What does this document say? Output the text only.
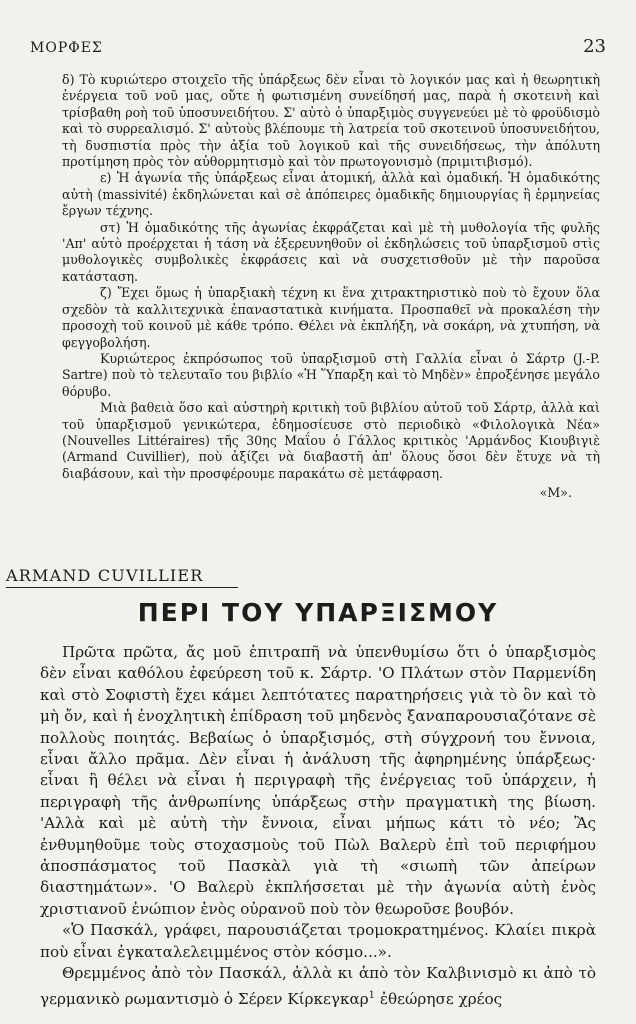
ΜΟΡΦΕΣ	23

δ) Τὸ κυριώτερο στοιχεῖο τῆς ὑπάρξεως δὲν εἶναι τὸ λογικόν μας καὶ ἡ θεωρητικὴ ἐνέργεια τοῦ νοῦ μας, οὔτε ἡ φωτισμένη συνείδησή μας, παρὰ ἡ σκοτεινὴ καὶ τρίσβαθη ροὴ τοῦ ὑποσυνειδήτου. Σ' αὐτὸ ὁ ὑπαρξιμὸς συγγενεύει μὲ τὸ φροϋδισμὸ καὶ τὸ συρρεαλισμό. Σ' αὐτοὺς βλέπουμε τὴ λατρεία τοῦ σκοτεινοῦ ὑποσυνειδήτου, τὴ δυσπιστία πρὸς τὴν ἀξία τοῦ λογικοῦ καὶ τῆς συνειδήσεως, τὴν ἀπόλυτη προτίμηση πρὸς τὸν αὐθορμητισμὸ καὶ τὸν πρωτογονισμὸ (πριμιτιβισμό).

ε) Ἡ ἀγωνία τῆς ὑπάρξεως εἶναι ἀτομική, ἀλλὰ καὶ ὁμαδική. Ἡ ὁμαδικότης αὐτὴ (massivité) ἐκδηλώνεται καὶ σὲ ἀπόπειρες ὁμαδικῆς δημιουργίας ἢ ἑρμηνείας ἔργων τέχνης.

στ) Ἡ ὁμαδικότης τῆς ἀγωνίας ἐκφράζεται καὶ μὲ τὴ μυθολογία τῆς φυλῆς 'Απ' αὐτὸ προέρχεται ἡ τάση νὰ ἐξερευνηθοῦν οἱ ἐκδηλώσεις τοῦ ὑπαρξισμοῦ στὶς μυθολογικὲς συμβολικὲς ἐκφράσεις καὶ νὰ συσχετισθοῦν μὲ τὴν παροῦσα κατάσταση.

ζ) Ἔχει ὅμως ἡ ὑπαρξιακὴ τέχνη κι ἕνα χιτρακτηριστικὸ ποὺ τὸ ἔχουν ὅλα σχεδὸν τὰ καλλιτεχνικὰ ἐπαναστατικὰ κινήματα. Προσπαθεῖ νὰ προκαλέση τὴν προσοχὴ τοῦ κοινοῦ μὲ κάθε τρόπο. Θέλει νὰ ἐκπλήξη, νὰ σοκάρη, νὰ χτυπήση, νὰ φεγγοβολήση.

Κυριώτερος ἐκπρόσωπος τοῦ ὑπαρξισμοῦ στὴ Γαλλία εἶναι ὁ Σάρτρ (J.-P. Sartre) ποὺ τὸ τελευταῖο του βιβλίο «Ἡ Ὕπαρξη καὶ τὸ Μηδὲν» ἐπροξένησε μεγάλο θόρυβο.

Μιὰ βαθειὰ ὅσο καὶ αὐστηρὴ κριτικὴ τοῦ βιβλίου αὐτοῦ τοῦ Σάρτρ, ἀλλὰ καὶ τοῦ ὑπαρξισμοῦ γενικώτερα, ἐδημοσίευσε στὸ περιοδικὸ «Φιλολογικὰ Νέα» (Nouvelles Littéraires) τῆς 30ης Μαΐου ὁ Γάλλος κριτικὸς 'Αρμάνδος Κιουβιγιὲ (Armand Cuvillier), ποὺ ἀξίζει νὰ διαβαστῆ ἀπ' ὅλους ὅσοι δὲν ἔτυχε νὰ τὴ διαβάσουν, καὶ τὴν προσφέρουμε παρακάτω σὲ μετάφραση.

«Μ».
ARMAND CUVILLIER
ΠΕΡΙ ΤΟΥ ΥΠΑΡΞΙΣΜΟΥ

Πρῶτα πρῶτα, ἄς μοῦ ἐπιτραπῆ νὰ ὑπενθυμίσω ὅτι ὁ ὑπαρξισμὸς δὲν εἶναι καθόλου ἐφεύρεση τοῦ κ. Σάρτρ. 'Ο Πλάτων στὸν Παρμενίδη καὶ στὸ Σοφιστὴ ἔχει κάμει λεπτότατες παρατηρήσεις γιὰ τὸ ὂν καὶ τὸ μὴ ὄν, καὶ ἡ ἐνοχλητικὴ ἐπίδραση τοῦ μηδενὸς ξαναπαρουσιαζότανε σὲ πολλοὺς ποιητάς. Βεβαίως ὁ ὑπαρξισμός, στὴ σύγχρονή του ἔννοια, εἶναι ἄλλο πρᾶμα. Δὲν εἶναι ἡ ἀνάλυση τῆς ἀφηρημένης ὑπάρξεως· εἶναι ἢ θέλει νὰ εἶναι ἡ περιγραφὴ τῆς ἐνέργειας τοῦ ὑπάρχειν, ἡ περιγραφὴ τῆς ἀνθρωπίνης ὑπάρξεως στὴν πραγματικὴ της βίωση. 'Αλλὰ καὶ μὲ αὐτὴ τὴν ἔννοια, εἶναι μήπως κάτι τὸ νέο; Ἂς ἐνθυμηθοῦμε τοὺς στοχασμοὺς τοῦ Πὼλ Βαλερὺ ἐπὶ τοῦ περιφήμου ἀποσπάσματος τοῦ Πασκὰλ γιὰ τὴ «σιωπὴ τῶν ἀπείρων διαστημάτων». 'Ο Βαλερὺ ἐκπλήσσεται μὲ τὴν ἀγωνία αὐτὴ ἑνὸς χριστιανοῦ ἐνώπιον ἑνὸς οὐρανοῦ ποὺ τὸν θεωροῦσε βουβόν.

«Ὁ Πασκάλ, γράφει, παρουσιάζεται τρομοκρατημένος. Κλαίει πικρὰ ποὺ εἶναι ἐγκαταλελειμμένος στὸν κόσμο...».

Θρεμμένος ἀπὸ τὸν Πασκάλ, ἀλλὰ κι ἀπὸ τὸν Καλβινισμὸ κι ἀπὸ τὸ γερμανικὸ ρωμαντισμὸ ὁ Σέρεν Κίρκεγκαρ$^1$ ἐθεώρησε χρέος
